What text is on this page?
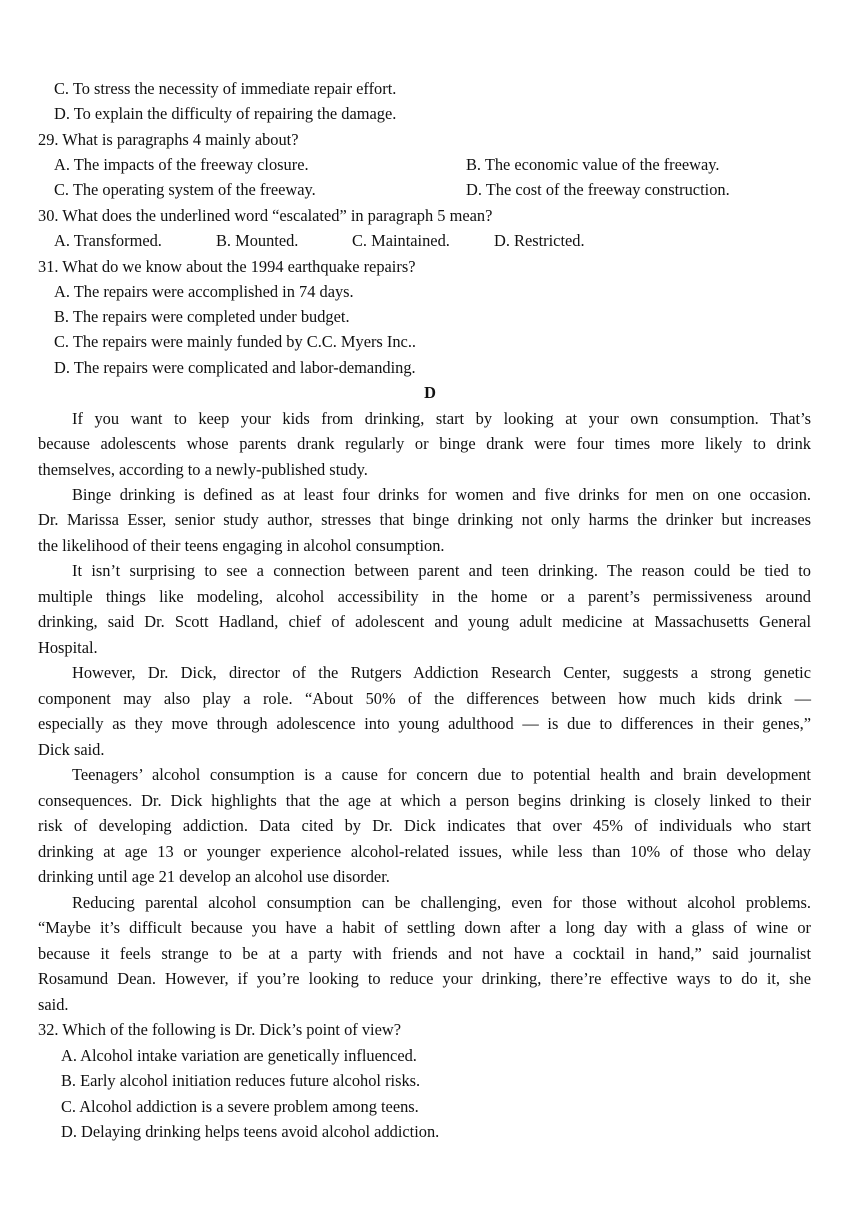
C. To stress the necessity of immediate repair effort.
D. To explain the difficulty of repairing the damage.
29. What is paragraphs 4 mainly about?
A. The impacts of the freeway closure.	B. The economic value of the freeway.
C. The operating system of the freeway.	D. The cost of the freeway construction.
30. What does the underlined word “escalated” in paragraph 5 mean?
A. Transformed.	B. Mounted.	C. Maintained.	D. Restricted.
31. What do we know about the 1994 earthquake repairs?
A. The repairs were accomplished in 74 days.
B. The repairs were completed under budget.
C. The repairs were mainly funded by C.C. Myers Inc..
D. The repairs were complicated and labor-demanding.
D
If you want to keep your kids from drinking, start by looking at your own consumption. That’s
because adolescents whose parents drank regularly or binge drank were four times more likely to drink
themselves, according to a newly-published study.
Binge drinking is defined as at least four drinks for women and five drinks for men on one occasion.
Dr. Marissa Esser, senior study author, stresses that binge drinking not only harms the drinker but increases
the likelihood of their teens engaging in alcohol consumption.
It isn’t surprising to see a connection between parent and teen drinking. The reason could be tied to
multiple things like modeling, alcohol accessibility in the home or a parent’s permissiveness around
drinking, said Dr. Scott Hadland, chief of adolescent and young adult medicine at Massachusetts General
Hospital.
However, Dr. Dick, director of the Rutgers Addiction Research Center, suggests a strong genetic
component may also play a role. “About 50% of the differences between how much kids drink —
especially as they move through adolescence into young adulthood — is due to differences in their genes,”
Dick said.
Teenagers’ alcohol consumption is a cause for concern due to potential health and brain development
consequences. Dr. Dick highlights that the age at which a person begins drinking is closely linked to their
risk of developing addiction. Data cited by Dr. Dick indicates that over 45% of individuals who start
drinking at age 13 or younger experience alcohol-related issues, while less than 10% of those who delay
drinking until age 21 develop an alcohol use disorder.
Reducing parental alcohol consumption can be challenging, even for those without alcohol problems.
“Maybe it’s difficult because you have a habit of settling down after a long day with a glass of wine or
because it feels strange to be at a party with friends and not have a cocktail in hand,” said journalist
Rosamund Dean. However, if you’re looking to reduce your drinking, there’re effective ways to do it, she
said.
32. Which of the following is Dr. Dick’s point of view?
A. Alcohol intake variation are genetically influenced.
B. Early alcohol initiation reduces future alcohol risks.
C. Alcohol addiction is a severe problem among teens.
D. Delaying drinking helps teens avoid alcohol addiction.
